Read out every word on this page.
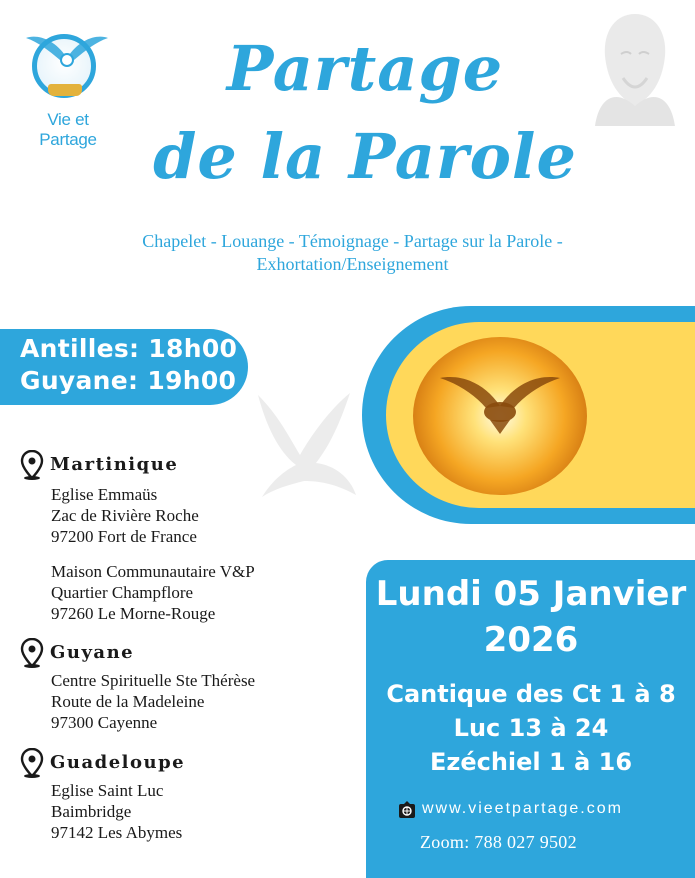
Vie et Partage
Partage
de la Parole
Chapelet - Louange - Témoignage - Partage sur la Parole -
Exhortation/Enseignement
Antilles: 18h00
Guyane: 19h00
Lundi 05 Janvier
2026
Cantique des Ct 1 à 8
Luc 13 à 24
Ezéchiel 1 à 16
www.vieetpartage.com
Zoom: 788 027 9502
Martinique
Eglise Emmaüs
Zac de Rivière Roche
97200 Fort de France
Maison Communautaire V&P
Quartier Champflore
97260 Le Morne-Rouge
Guyane
Centre Spirituelle Ste Thérèse
Route de la Madeleine
97300 Cayenne
Guadeloupe
Eglise Saint Luc
Baimbridge
97142 Les Abymes
